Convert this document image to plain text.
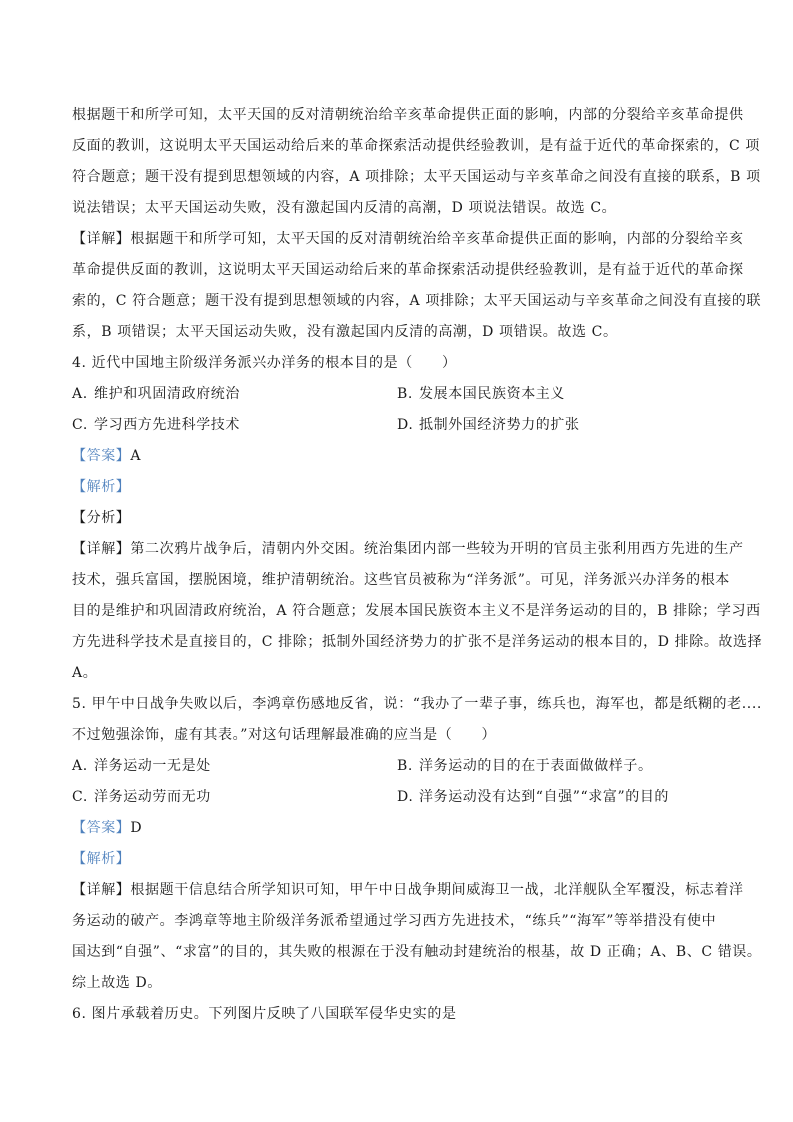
根据题干和所学可知，太平天国的反对清朝统治给辛亥革命提供正面的影响，内部的分裂给辛亥革命提供
反面的教训，这说明太平天国运动给后来的革命探索活动提供经验教训，是有益于近代的革命探索的，C 项
符合题意；题干没有提到思想领域的内容，A 项排除；太平天国运动与辛亥革命之间没有直接的联系，B 项
说法错误；太平天国运动失败，没有激起国内反清的高潮，D 项说法错误。故选 C。
【详解】根据题干和所学可知，太平天国的反对清朝统治给辛亥革命提供正面的影响，内部的分裂给辛亥
革命提供反面的教训，这说明太平天国运动给后来的革命探索活动提供经验教训，是有益于近代的革命探
索的，C 符合题意；题干没有提到思想领域的内容，A 项排除；太平天国运动与辛亥革命之间没有直接的联
系，B 项错误；太平天国运动失败，没有激起国内反清的高潮，D 项错误。故选 C。
4. 近代中国地主阶级洋务派兴办洋务的根本目的是（　　）
A. 维护和巩固清政府统治	B. 发展本国民族资本主义
C. 学习西方先进科学技术	D. 抵制外国经济势力的扩张
【答案】A
【解析】
【分析】
【详解】第二次鸦片战争后，清朝内外交困。统治集团内部一些较为开明的官员主张利用西方先进的生产
技术，强兵富国，摆脱困境，维护清朝统治。这些官员被称为“洋务派”。可见，洋务派兴办洋务的根本
目的是维护和巩固清政府统治，A 符合题意；发展本国民族资本主义不是洋务运动的目的，B 排除；学习西
方先进科学技术是直接目的，C 排除；抵制外国经济势力的扩张不是洋务运动的根本目的，D 排除。故选择
A。
5. 甲午中日战争失败以后，李鸿章伤感地反省，说：“我办了一辈子事，练兵也，海军也，都是纸糊的老....
不过勉强涂饰，虚有其表。”对这句话理解最准确的应当是（　　）
A. 洋务运动一无是处	B. 洋务运动的目的在于表面做做样子。
C. 洋务运动劳而无功	D. 洋务运动没有达到“自强”“求富”的目的
【答案】D
【解析】
【详解】根据题干信息结合所学知识可知，甲午中日战争期间威海卫一战，北洋舰队全军覆没，标志着洋
务运动的破产。李鸿章等地主阶级洋务派希望通过学习西方先进技术，“练兵”“海军”等举措没有使中
国达到“自强”、“求富”的目的，其失败的根源在于没有触动封建统治的根基，故 D 正确；A、B、C 错误。
综上故选 D。
6. 图片承载着历史。下列图片反映了八国联军侵华史实的是
